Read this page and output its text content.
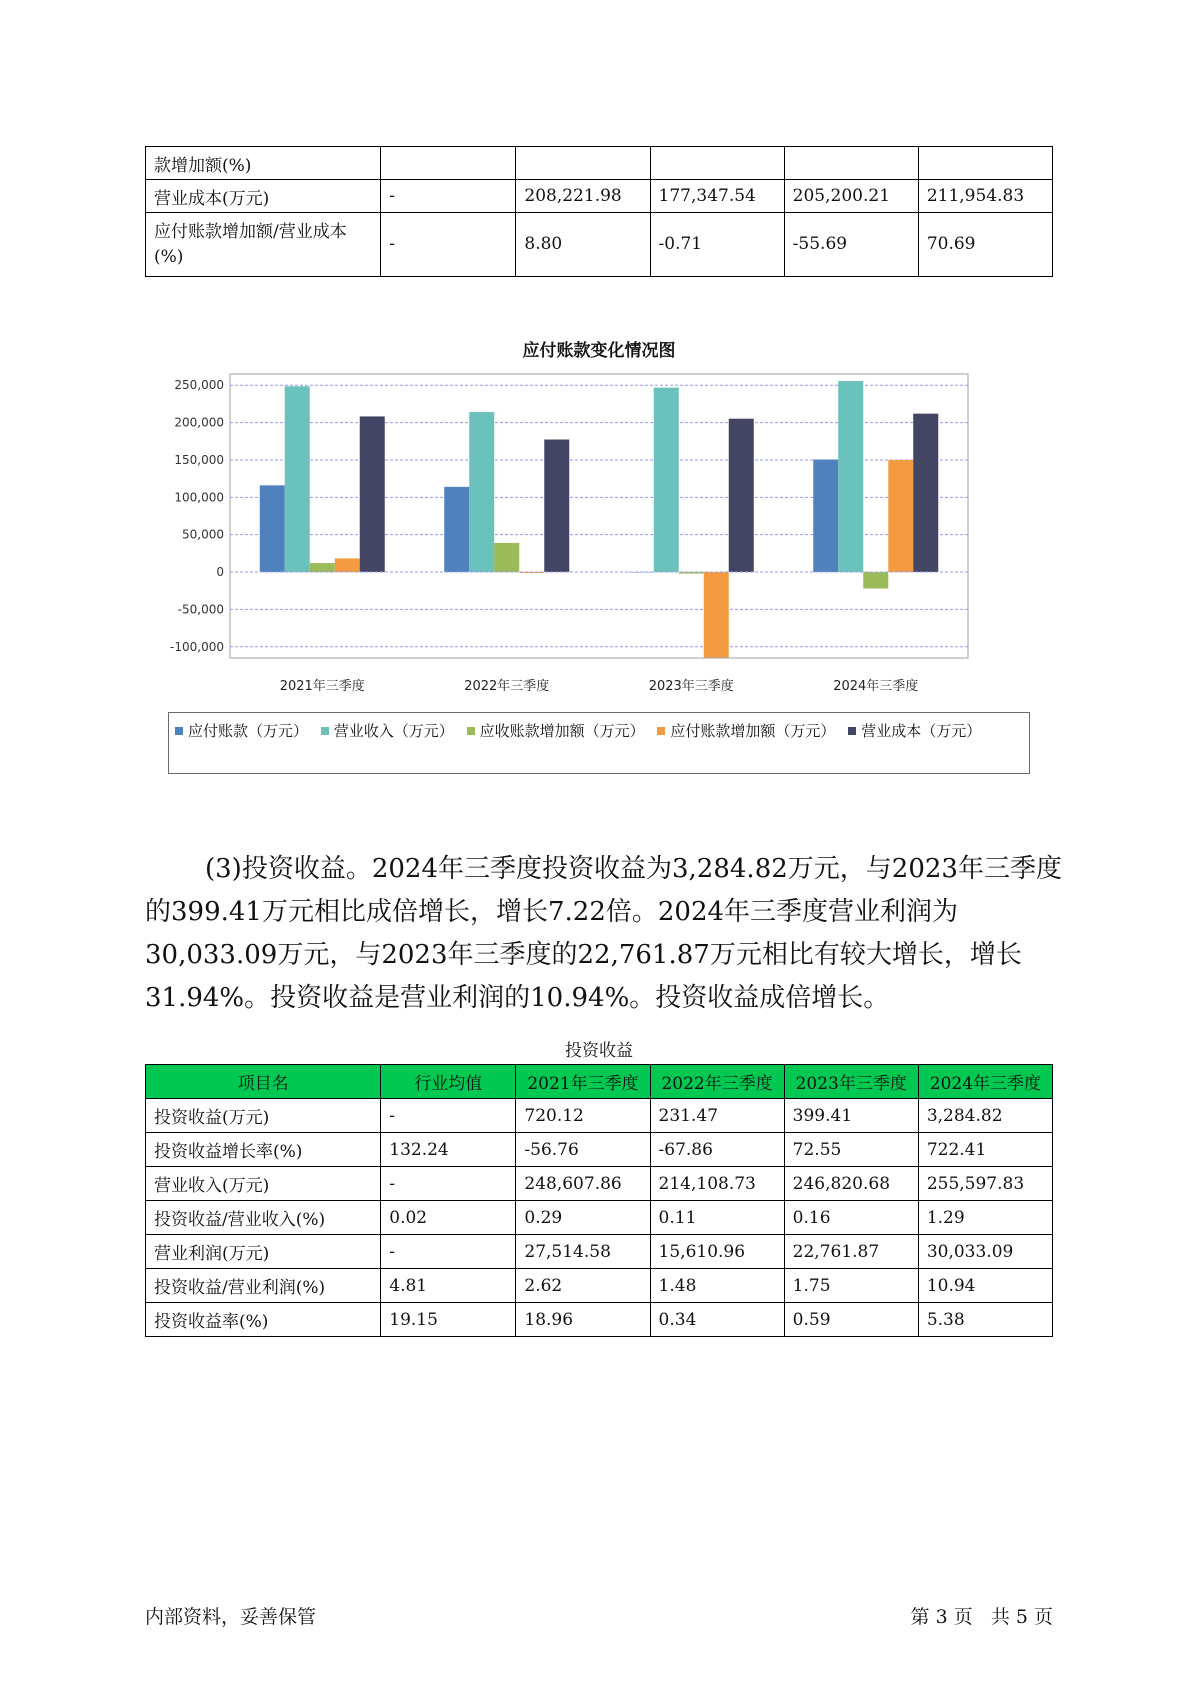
款增加额(%)					
营业成本(万元)	-	208,221.98	177,347.54	205,200.21	211,954.83
应付账款增加额/营业成本(%)	-	8.80	-0.71	-55.69	70.69
应付账款变化情况图
-100,000
-50,000
0
50,000
100,000
150,000
200,000
250,000
2021年三季度	2022年三季度	2023年三季度	2024年三季度
应付账款（万元）
营业收入（万元）
应收账款增加额（万元）
应付账款增加额（万元）
营业成本（万元）

(3)投资收益。2024年三季度投资收益为3,284.82万元，与2023年三季度的399.41万元相比成倍增长，增长7.22倍。2024年三季度营业利润为30,033.09万元，与2023年三季度的22,761.87万元相比有较大增长，增长31.94%。投资收益是营业利润的10.94%。投资收益成倍增长。

投资收益
项目名	行业均值	2021年三季度	2022年三季度	2023年三季度	2024年三季度
投资收益(万元)	-	720.12	231.47	399.41	3,284.82
投资收益增长率(%)	132.24	-56.76	-67.86	72.55	722.41
营业收入(万元)	-	248,607.86	214,108.73	246,820.68	255,597.83
投资收益/营业收入(%)	0.02	0.29	0.11	0.16	1.29
营业利润(万元)	-	27,514.58	15,610.96	22,761.87	30,033.09
投资收益/营业利润(%)	4.81	2.62	1.48	1.75	10.94
投资收益率(%)	19.15	18.96	0.34	0.59	5.38
内部资料，妥善保管	第 3 页   共 5 页
